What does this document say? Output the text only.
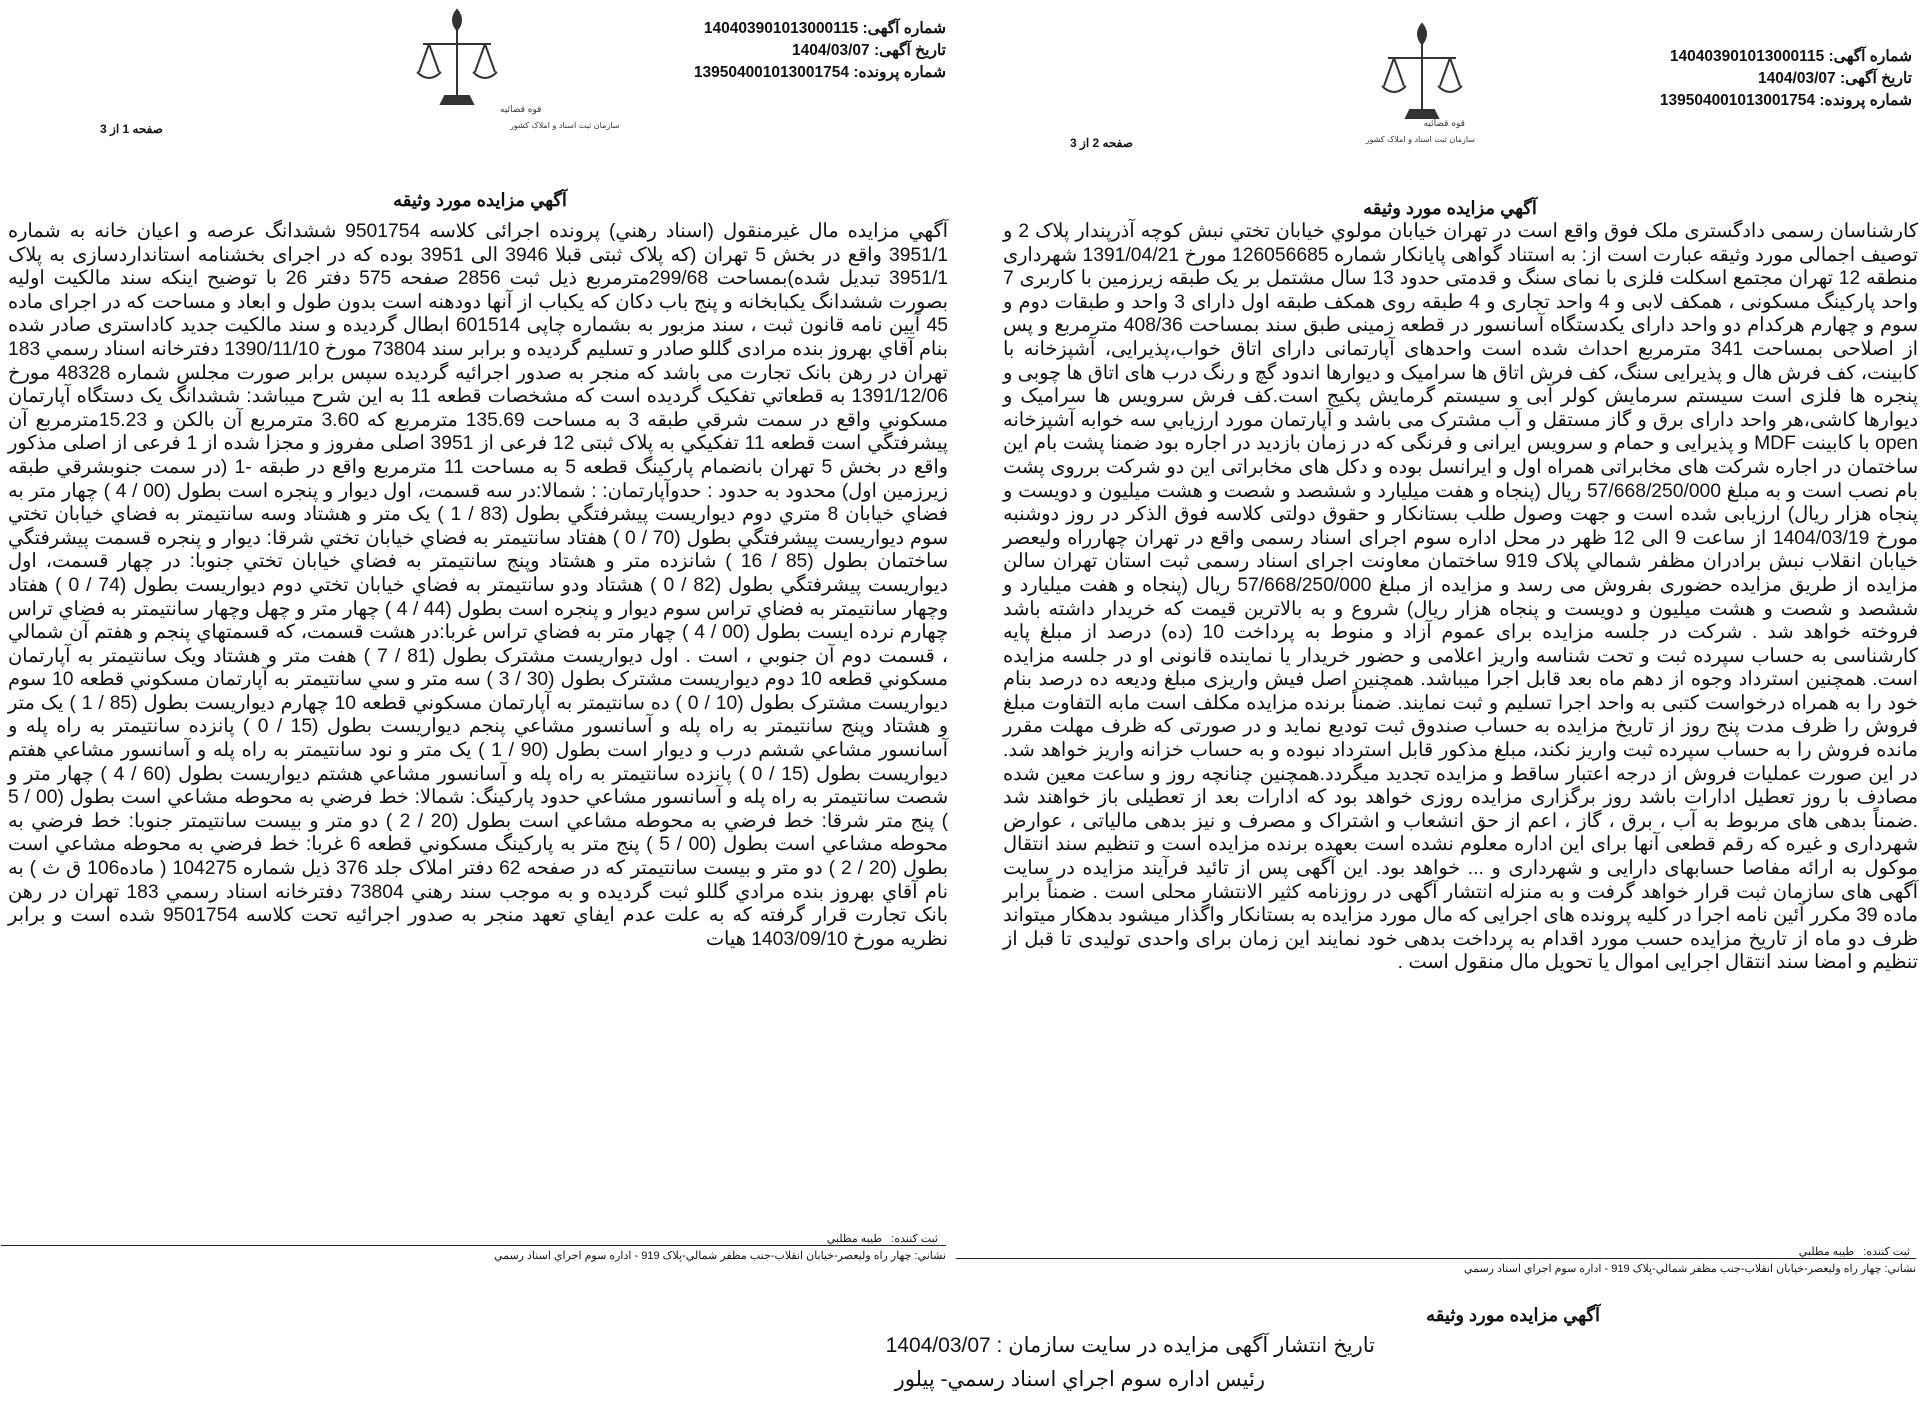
قوه قضائیه
سازمان ثبت اسناد و املاک کشور
شماره آگهی: 140403901013000115
تاریخ آگهی: 1404/03/07
شماره پرونده: 139504001013001754
صفحه 1 از 3
آگهي مزايده مورد وثيقه
آگهي مزايده مال غيرمنقول (اسناد رهني) پرونده اجرائی کلاسه 9501754 ششدانگ عرصه و اعيان خانه به شماره 3951/1 واقع در بخش 5 تهران (که پلاک ثبتی قبلا 3946 الی 3951 بوده که در اجرای بخشنامه استانداردسازی به پلاک 3951/1 تبدیل شده)بمساحت 299/68مترمربع ذيل ثبت 2856 صفحه 575 دفتر 26 با توضیح اینکه سند مالکیت اولیه بصورت ششدانگ یکبابخانه و پنج باب دکان که یکباب از آنها دودهنه است بدون طول و ابعاد و مساحت که در اجرای ماده 45 آیین نامه قانون ثبت ، سند مزبور به بشماره چاپی 601514 ابطال گردیده و سند مالکیت جدید کاداستری صادر شده بنام آقاي بهروز بنده مرادی گللو صادر و تسلیم گردیده و برابر سند 73804 مورخ 1390/11/10 دفترخانه اسناد رسمي 183 تهران در رهن بانک تجارت می باشد که منجر به صدور اجرائیه گردیده سپس برابر صورت مجلس شماره 48328 مورخ 1391/12/06 به قطعاتي تفکيک گرديده است که مشخصات قطعه 11 به اين شرح ميباشد: ششدانگ يک دستگاه آپارتمان مسکوني واقع در سمت شرقي طبقه 3 به مساحت 135.69 مترمربع که 3.60 مترمربع آن بالکن و 15.23مترمربع آن پيشرفتگي است قطعه 11 تفکيکي به پلاک ثبتی 12 فرعی از 3951 اصلی مفروز و مجزا شده از 1 فرعی از اصلی مذکور واقع در بخش 5 تهران بانضمام پارکينگ قطعه 5 به مساحت 11 مترمربع واقع در طبقه -1 (در سمت جنوبشرقي طبقه زيرزمين اول) محدود به حدود : حدوآپارتمان: : شمالا:در سه قسمت، اول ديوار و پنجره است بطول (00 / 4 ) چهار متر به فضاي خيابان 8 متري دوم ديواريست پيشرفتگي بطول (83 / 1 ) يک متر و هشتاد وسه سانتيمتر به فضاي خيابان تختي سوم ديواريست پيشرفتگي بطول (70 / 0 ) هفتاد سانتيمتر به فضاي خيابان تختي شرقا: ديوار و پنجره قسمت پيشرفتگي ساختمان بطول (85 / 16 ) شانزده متر و هشتاد وپنج سانتيمتر به فضاي خيابان تختي جنوبا: در چهار قسمت، اول ديواريست پيشرفتگي بطول (82 / 0 ) هشتاد ودو سانتيمتر به فضاي خيابان تختي دوم ديواريست بطول (74 / 0 ) هفتاد وچهار سانتيمتر به فضاي تراس سوم ديوار و پنجره است بطول (44 / 4 ) چهار متر و چهل وچهار سانتيمتر به فضاي تراس چهارم نرده ايست بطول (00 / 4 ) چهار متر به فضاي تراس غربا:در هشت قسمت، که قسمتهاي پنجم و هفتم آن شمالي ، قسمت دوم آن جنوبي ، است . اول ديواريست مشترک بطول (81 / 7 ) هفت متر و هشتاد ويک سانتيمتر به آپارتمان مسکوني قطعه 10 دوم ديواريست مشترک بطول (30 / 3 ) سه متر و سي سانتيمتر به آپارتمان مسکوني قطعه 10 سوم ديواريست مشترک بطول (10 / 0 ) ده سانتيمتر به آپارتمان مسکوني قطعه 10 چهارم ديواريست بطول (85 / 1 ) يک متر و هشتاد وپنج سانتيمتر به راه پله و آسانسور مشاعي پنجم ديواريست بطول (15 / 0 ) پانزده سانتيمتر به راه پله و آسانسور مشاعي ششم درب و ديوار است بطول (90 / 1 ) يک متر و نود سانتيمتر به راه پله و آسانسور مشاعي هفتم ديواريست بطول (15 / 0 ) پانزده سانتيمتر به راه پله و آسانسور مشاعي هشتم ديواريست بطول (60 / 4 ) چهار متر و شصت سانتيمتر به راه پله و آسانسور مشاعي حدود پارکينگ: شمالا: خط فرضي به محوطه مشاعي است بطول (00 / 5 ) پنج متر شرقا: خط فرضي به محوطه مشاعي است بطول (20 / 2 ) دو متر و بيست سانتيمتر جنوبا: خط فرضي به محوطه مشاعي است بطول (00 / 5 ) پنج متر به پارکينگ مسکوني قطعه 6 غربا: خط فرضي به محوطه مشاعي است بطول (20 / 2 ) دو متر و بيست سانتيمتر که در صفحه 62 دفتر املاک جلد 376 ذيل شماره 104275 ( ماده106 ق ث ) به نام آقاي بهروز بنده مرادي گللو ثبت گرديده و به موجب سند رهني 73804 دفترخانه اسناد رسمي 183 تهران در رهن بانک تجارت قرار گرفته که به علت عدم ايفاي تعهد منجر به صدور اجرائيه تحت کلاسه 9501754 شده است و برابر نظريه مورخ 1403/09/10 هيات
ثبت کننده:   طيبه مطلبي
نشاني: چهار راه وليعصر-خيابان انقلاب-جنب مظفر شمالي-پلاک 919 - اداره سوم اجراي اسناد رسمي
شماره آگهی: 140403901013000115
تاریخ آگهی: 1404/03/07
شماره پرونده: 139504001013001754
صفحه 2 از 3
آگهي مزايده مورد وثيقه
کارشناسان رسمی دادگستری ملک فوق واقع است در تهران خيابان مولوي خيابان تختي نبش کوچه آذرپندار پلاک 2 و توصیف اجمالی مورد وثیقه عبارت است از: به استناد گواهی پایانکار شماره 126056685 مورخ 1391/04/21 شهرداری منطقه 12 تهران مجتمع اسکلت فلزی با نمای سنگ و قدمتی حدود 13 سال مشتمل بر یک طبقه زیرزمین با کاربری 7 واحد پارکینگ مسکونی ، همکف لابی و 4 واحد تجاری و 4 طبقه روی همکف طبقه اول دارای 3 واحد و طبقات دوم و سوم و چهارم هرکدام دو واحد دارای یکدستگاه آسانسور در قطعه زمینی طبق سند بمساحت 408/36 مترمربع و پس از اصلاحی بمساحت 341 مترمربع احداث شده است واحدهای آپارتمانی دارای اتاق خواب،پذیرایی، آشپزخانه با کابینت، کف فرش هال و پذیرایی سنگ، کف فرش اتاق ها سرامیک و دیوارها اندود گچ و رنگ درب های اتاق ها چوبی و پنجره ها فلزی است سیستم سرمایش کولر آبی و سیستم گرمایش پکیج است.کف فرش سرویس ها سرامیک و دیوارها کاشی،هر واحد دارای برق و گاز مستقل و آب مشترک می باشد و آپارتمان مورد ارزيابي سه خوابه آشپزخانه open با کابینت MDF و پذیرایی و حمام و سرویس ایرانی و فرنگی که در زمان بازدید در اجاره بود ضمنا پشت بام این ساختمان در اجاره شرکت های مخابراتی همراه اول و ایرانسل بوده و دکل های مخابراتی این دو شرکت برروی پشت بام نصب است و به مبلغ 57/668/250/000 ریال (پنجاه و هفت میلیارد و ششصد و شصت و هشت میلیون و دویست و پنجاه هزار ریال) ارزیابی شده است و جهت وصول طلب بستانکار و حقوق دولتی کلاسه فوق الذکر در روز دوشنبه مورخ 1404/03/19 از ساعت 9 الی 12 ظهر در محل اداره سوم اجرای اسناد رسمی واقع در تهران چهارراه ولیعصر خيابان انقلاب نبش برادران مظفر شمالي پلاک 919 ساختمان معاونت اجرای اسناد رسمی ثبت استان تهران سالن مزایده از طریق مزایده حضوری بفروش می رسد و مزایده از مبلغ 57/668/250/000 ریال (پنجاه و هفت میلیارد و ششصد و شصت و هشت میلیون و دویست و پنجاه هزار ریال) شروع و به بالاترین قیمت که خریدار داشته باشد فروخته خواهد شد . شرکت در جلسه مزایده برای عموم آزاد و منوط به پرداخت 10 (ده) درصد از مبلغ پایه کارشناسی به حساب سپرده ثبت و تحت شناسه واریز اعلامی و حضور خریدار یا نماینده قانونی او در جلسه مزایده است. همچنین استرداد وجوه از دهم ماه بعد قابل اجرا میباشد. همچنین اصل فیش واریزی مبلغ ودیعه ده درصد بنام خود را به همراه درخواست کتبی به واحد اجرا تسلیم و ثبت نمایند. ضمناً برنده مزایده مکلف است مابه التفاوت مبلغ فروش را ظرف مدت پنج روز از تاریخ مزایده به حساب صندوق ثبت تودیع نماید و در صورتی که ظرف مهلت مقرر مانده فروش را به حساب سپرده ثبت واریز نکند، مبلغ مذکور قابل استرداد نبوده و به حساب خزانه واریز خواهد شد. در این صورت عملیات فروش از درجه اعتبار ساقط و مزایده تجدید میگردد.همچنین چنانچه روز و ساعت معین شده مصادف با روز تعطیل ادارات باشد روز برگزاری مزایده روزی خواهد بود که ادارات بعد از تعطیلی باز خواهند شد .ضمناً بدهی های مربوط به آب ، برق ، گاز ، اعم از حق انشعاب و اشتراک و مصرف و نیز بدهی مالیاتی ، عوارض شهرداری و غیره که رقم قطعی آنها برای این اداره معلوم نشده است بعهده برنده مزایده است و تنظیم سند انتقال موکول به ارائه مفاصا حسابهای دارایی و شهرداری و ... خواهد بود. این آگهی پس از تائید فرآیند مزایده در سایت آگهی های سازمان ثبت قرار خواهد گرفت و به منزله انتشار آگهی در روزنامه کثیر الانتشار محلی است . ضمناً برابر ماده 39 مکرر آئین نامه اجرا در کلیه پرونده های اجرایی که مال مورد مزایده به بستانکار واگذار میشود بدهکار میتواند ظرف دو ماه از تاریخ مزایده حسب مورد اقدام به پرداخت بدهی خود نمایند این زمان برای واحدی تولیدی تا قبل از تنظیم و امضا سند انتقال اجرایی اموال یا تحویل مال منقول است .
ثبت کننده:   طيبه مطلبي
نشاني: چهار راه وليعصر-خيابان انقلاب-جنب مظفر شمالي-پلاک 919 - اداره سوم اجراي اسناد رسمي
قوه قضائیه
سازمان ثبت اسناد و املاک کشور
آگهي مزايده مورد وثيقه
تاريخ انتشار آگهی مزایده در سایت سازمان : 1404/03/07
رئيس اداره سوم اجراي اسناد رسمي- پيلور
